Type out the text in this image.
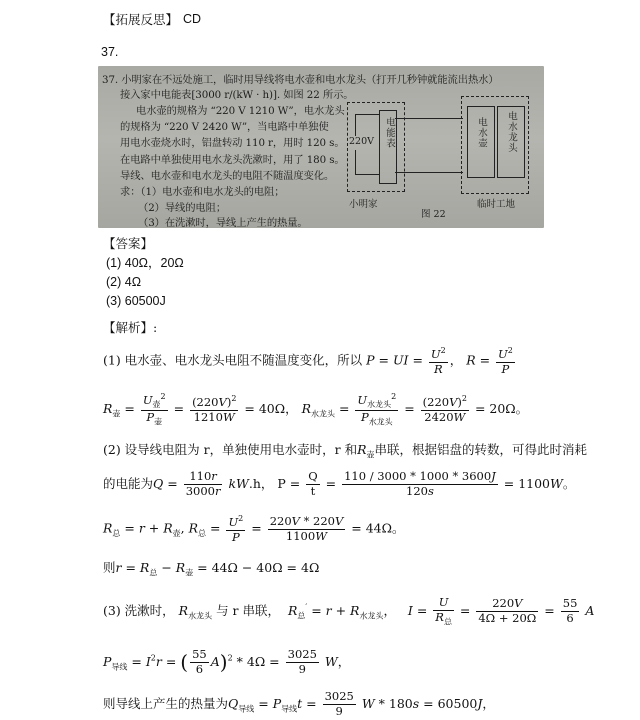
【拓展反思】 CD
37.
37. 小明家在不远处施工，临时用导线将电水壶和电水龙头（打开几秒钟就能流出热水）
接入家中电能表[3000 r/(kW · h)]. 如图 22 所示。
电水壶的规格为 “220 V 1210 W”，电水龙头
的规格为 “220 V 2420 W”，当电路中单独使
用电水壶烧水时，铝盘转动 110 r，用时 120 s。
在电路中单独使用电水龙头洗漱时，用了 180 s。
导线、电水壶和电水龙头的电阻不随温度变化。
求：（1）电水壶和电水龙头的电阻；
（2）导线的电阻；
（3）在洗漱时，导线上产生的热量。
电能表
220V	电水壶 电水龙头
小明家	临时工地
图 22
【答案】
(1) 40Ω，20Ω
(2) 4Ω
(3) 60500J
【解析】:
(1) 电水壶、电水龙头电阻不随温度变化，所以 P = UI = $\frac{U^2}{R}$ ， $R = \frac{U^2}{P}$
$R_壶 = \frac{U_壶^2}{P_壶} = \frac{(220V)^2}{1210W} = 40\Omega$， $R_{水龙头} = \frac{U_{水龙头}^2}{P_{水龙头}} = \frac{(220V)^2}{2420W} = 20\Omega$。
(2) 设导线电阻为 r，单独使用电水壶时，r 和$R_壶$串联，根据铝盘的转数，可得此时消耗
的电能为$Q = \frac{110r}{3000r} kW.h$， $P = \frac{Q}{t} = \frac{110 / 3000 * 1000 * 3600J}{120s} = 1100W$。
$R_总 = r + R_壶$, $R_总 = \frac{U^2}{P} = \frac{220V * 220V}{1100W} = 44\Omega$。
则$r = R_总 - R_壶 = 44\Omega - 40\Omega = 4\Omega$
(3) 洗漱时， $R_{水龙头}$ 与 r 串联， $R_总' = r + R_{水龙头}$，   $I = \frac{U}{R_总} = \frac{220V}{4\Omega + 20\Omega} = \frac{55}{6}$ A
$P_{导线} = I^2r$ = ( $\frac{55}{6} A)^2 * 4\Omega = \frac{3025}{9}$ W，
则导线上产生的热量为$Q_{导线} = P_{导线}t = \frac{3025}{9}$ W * 180s = 60500J，
